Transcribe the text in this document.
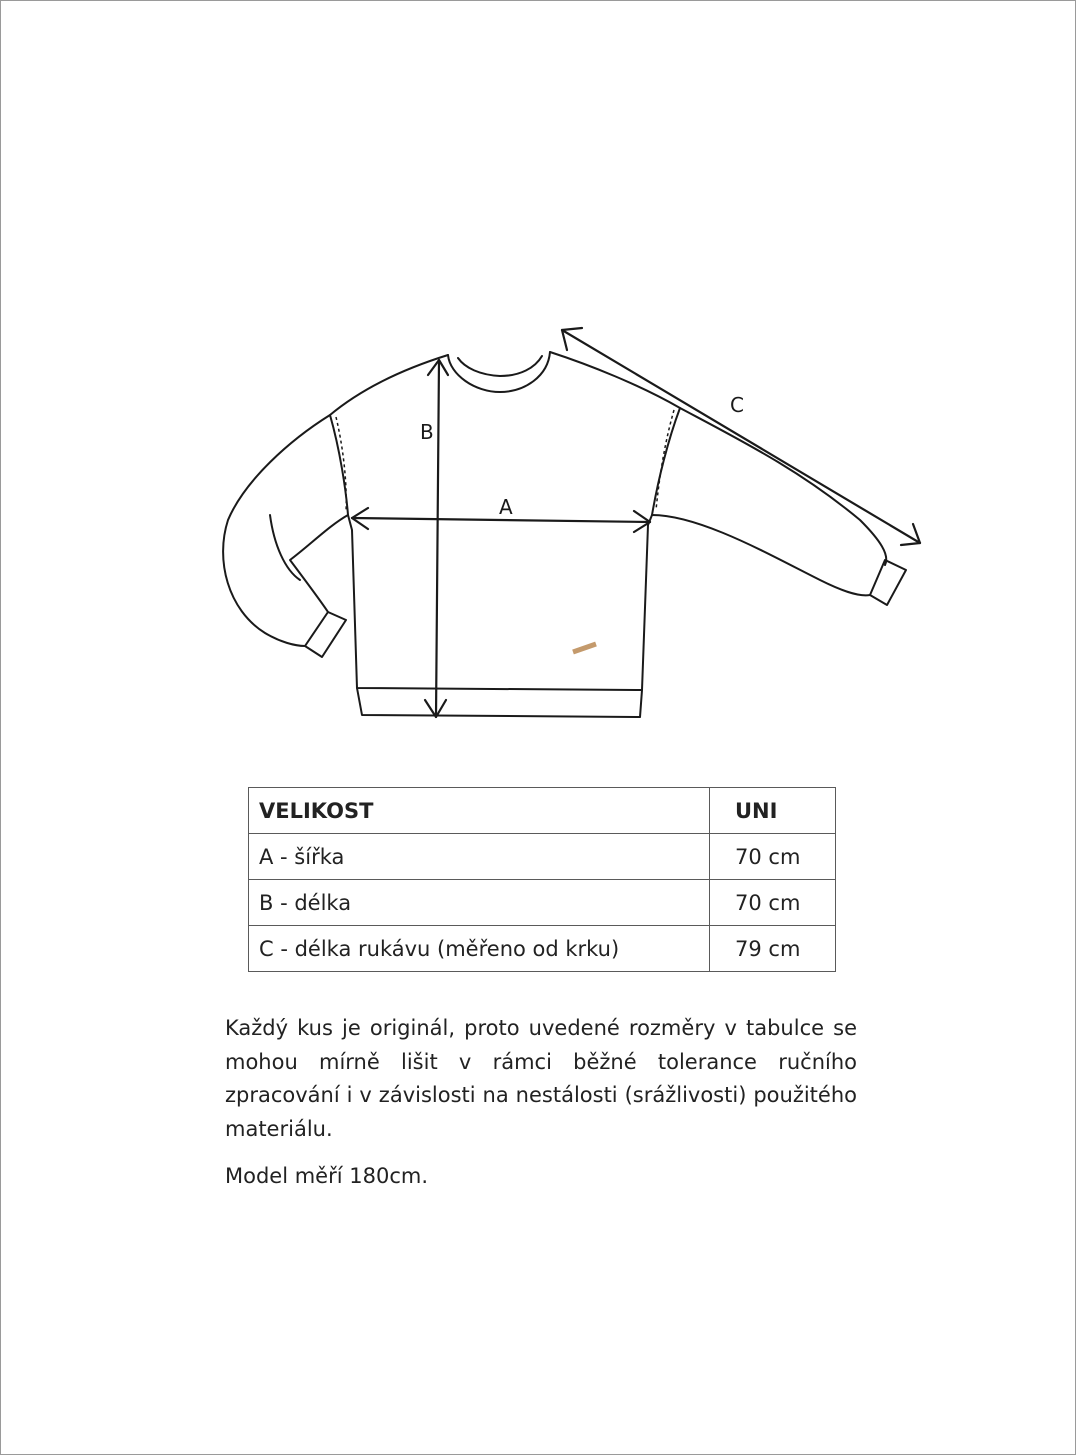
A
B
C
VELIKOST	UNI
A - šířka	70 cm
B - délka	70 cm
C - délka rukávu (měřeno od krku)	79 cm

Každý kus je originál, proto uvedené rozměry v tabulce se mohou mírně lišit v rámci běžné tolerance ručního zpracování i v závislosti na nestálosti (srážlivosti) použitého materiálu.

Model měří 180cm.
